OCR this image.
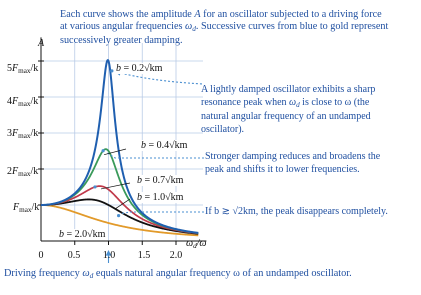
Each curve shows the amplitude A for an oscillator subjected to a driving force
at various angular frequencies $\omega_d$. Successive curves from blue to gold represent
successively greater damping.
A
$5F_{max}/k$
$4F_{max}/k$
$3F_{max}/k$
$2F_{max}/k$
$F_{max}/k$
0	0.5	1.0	1.5	2.0
$\omega_d/\omega$
b = 0.2√km
b = 0.4√km
b = 0.7√km
b = 1.0√km
b = 2.0√km
A lightly damped oscillator exhibits a sharp
resonance peak when $\omega_d$ is close to ω (the
natural angular frequency of an undamped
oscillator).
Stronger damping reduces and broadens the
peak and shifts it to lower frequencies.
If b ≳ √2km, the peak disappears completely.
Driving frequency $\omega_d$ equals natural angular frequency ω of an undamped oscillator.
